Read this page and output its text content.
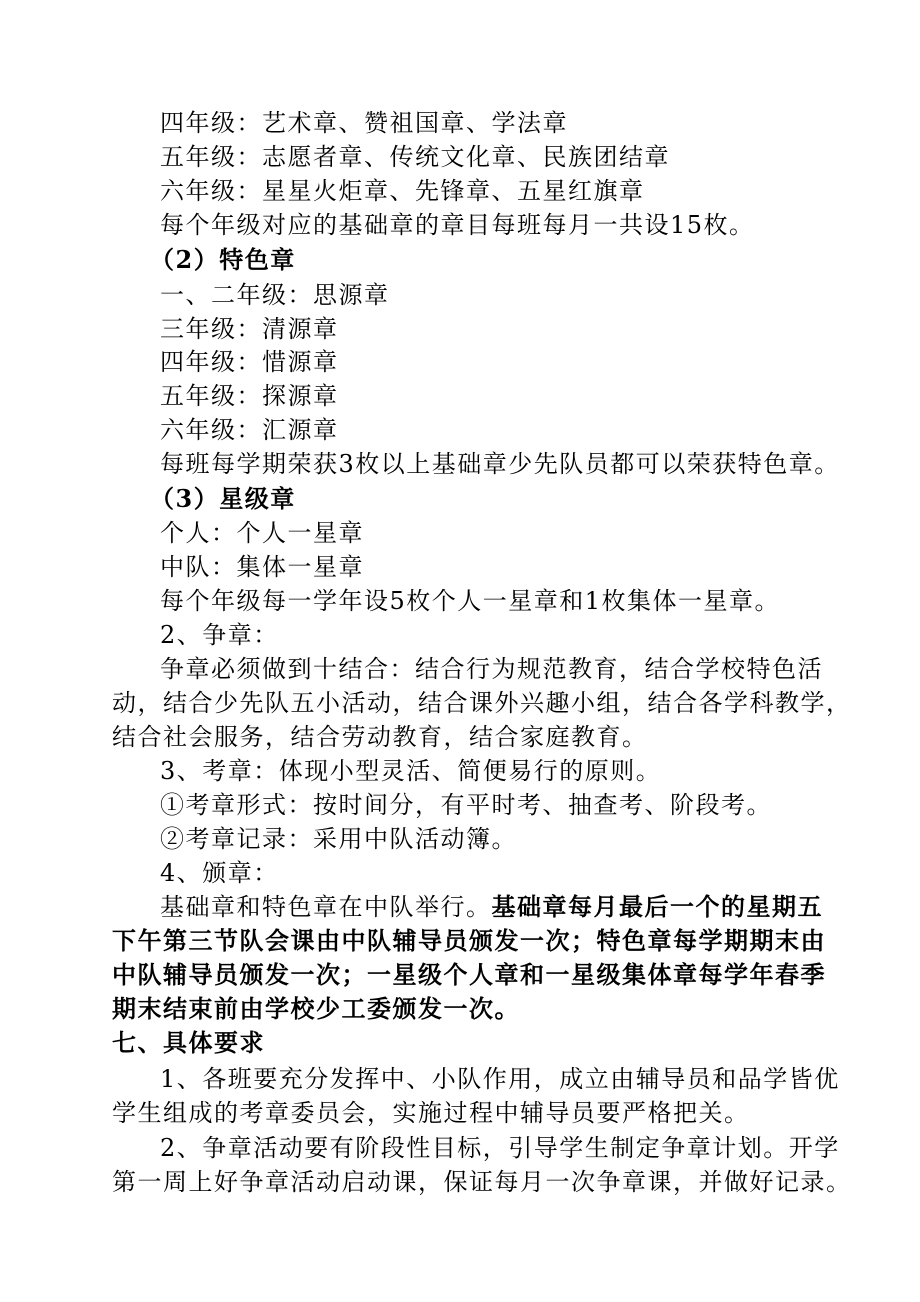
四年级：艺术章、赞祖国章、学法章
五年级：志愿者章、传统文化章、民族团结章
六年级：星星火炬章、先锋章、五星红旗章
每个年级对应的基础章的章目每班每月一共设15枚。
（2）特色章
一、二年级：思源章
三年级：清源章
四年级：惜源章
五年级：探源章
六年级：汇源章
每班每学期荣获3枚以上基础章少先队员都可以荣获特色章。
（3）星级章
个人：个人一星章
中队：集体一星章
每个年级每一学年设5枚个人一星章和1枚集体一星章。
2、争章：
争章必须做到十结合：结合行为规范教育，结合学校特色活
动，结合少先队五小活动，结合课外兴趣小组，结合各学科教学，
结合社会服务，结合劳动教育，结合家庭教育。
3、考章：体现小型灵活、简便易行的原则。
①考章形式：按时间分，有平时考、抽查考、阶段考。
②考章记录：采用中队活动簿。
4、颁章：
基础章和特色章在中队举行。基础章每月最后一个的星期五
下午第三节队会课由中队辅导员颁发一次；特色章每学期期末由
中队辅导员颁发一次；一星级个人章和一星级集体章每学年春季
期末结束前由学校少工委颁发一次。
七、具体要求
1、各班要充分发挥中、小队作用，成立由辅导员和品学皆优
学生组成的考章委员会，实施过程中辅导员要严格把关。
2、争章活动要有阶段性目标，引导学生制定争章计划。开学
第一周上好争章活动启动课，保证每月一次争章课，并做好记录。
